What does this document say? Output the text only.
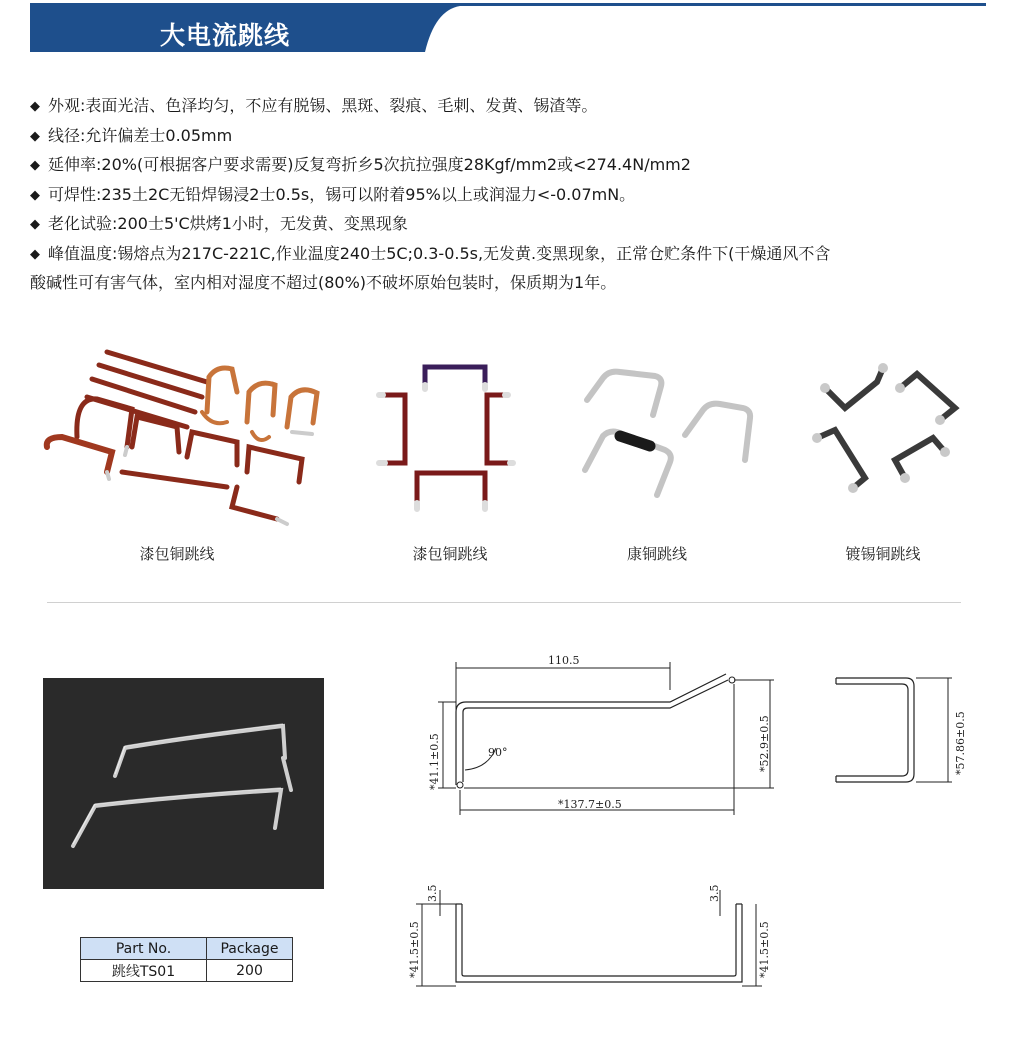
大电流跳线
◆ 外观:表面光洁、色泽均匀，不应有脱锡、黑斑、裂痕、毛刺、发黄、锡渣等。
◆ 线径:允许偏差士0.05mm
◆ 延伸率:20%(可根据客户要求需要)反复弯折乡5次抗拉强度28Kgf/mm2或<274.4N/mm2
◆ 可焊性:235土2C无铅焊锡浸2士0.5s，锡可以附着95%以上或润湿力<-0.07mN。
◆ 老化试验:200士5'C烘烤1小时，无发黄、变黑现象
◆ 峰值温度:锡熔点为217C-221C,作业温度240士5C;0.3-0.5s,无发黄.变黑现象，正常仓贮条件下(干燥通风不含
酸碱性可有害气体，室内相对湿度不超过(80%)不破坏原始包装时，保质期为1年。
漆包铜跳线	漆包铜跳线	康铜跳线	镀锡铜跳线
Part No.	Package
跳线TS01	200
110.5
90°
*137.7±0.5
*41.1±0.5	*52.9±0.5	*57.86±0.5
*41.5±0.5
3.5	3.5
*41.5±0.5
